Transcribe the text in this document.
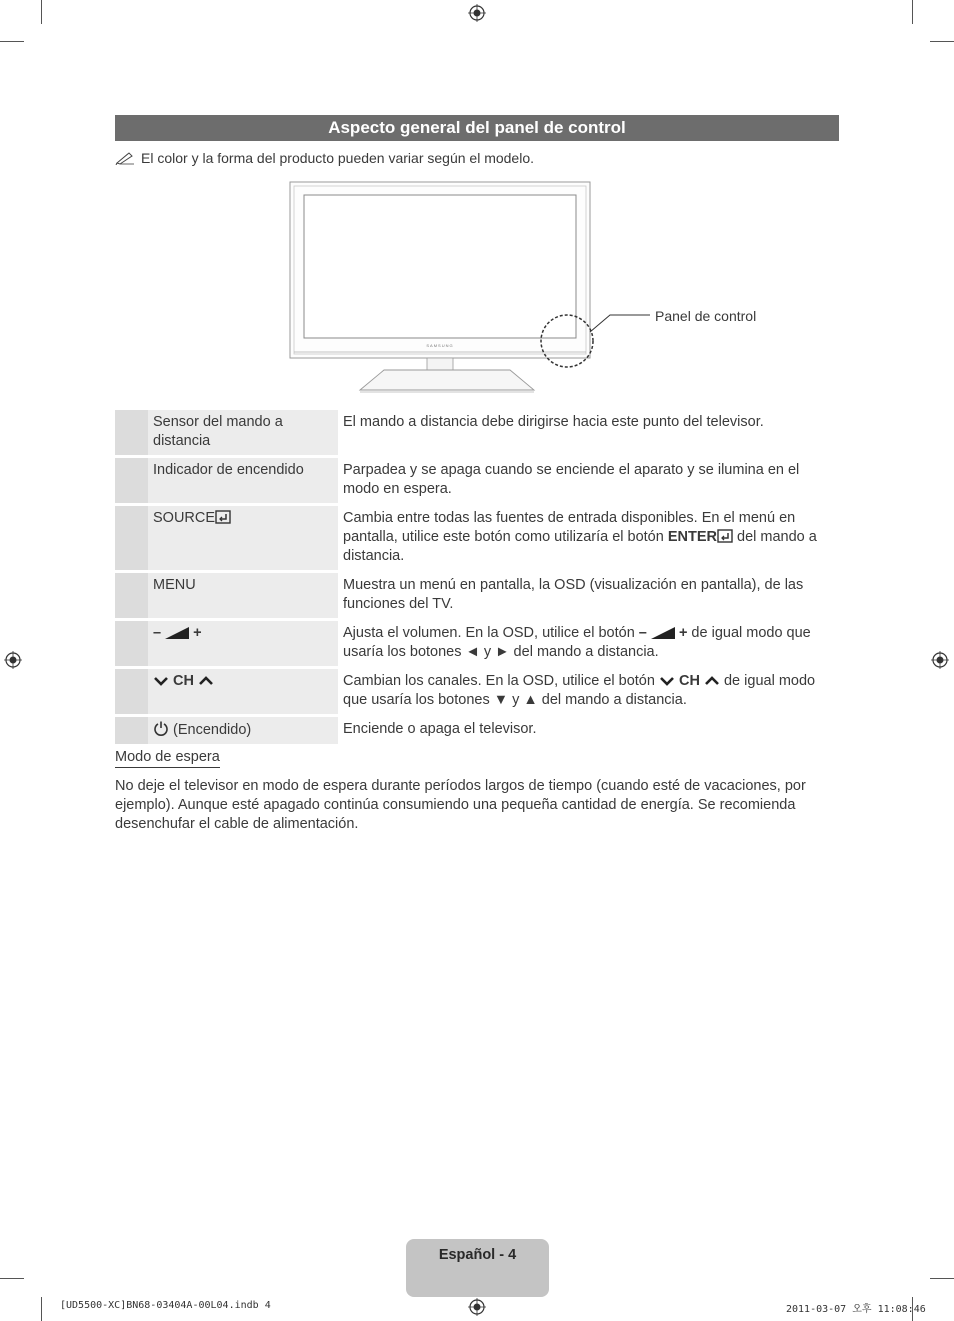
Aspecto general del panel de control
El color y la forma del producto pueden variar según el modelo.
SAMSUNG
Panel de control
	Sensor del mando a distancia	El mando a distancia debe dirigirse hacia este punto del televisor.
	Indicador de encendido	Parpadea y se apaga cuando se enciende el aparato y se ilumina en el modo en espera.
	SOURCE	Cambia entre todas las fuentes de entrada disponibles. En el menú en pantalla, utilice este botón como utilizaría el botón ENTER del mando a distancia.
	MENU	Muestra un menú en pantalla, la OSD (visualización en pantalla), de las funciones del TV.
	– +	Ajusta el volumen. En la OSD, utilice el botón – + de igual modo que usaría los botones ◄ y ► del mando a distancia.
	CH	Cambian los canales. En la OSD, utilice el botón  CH  de igual modo que usaría los botones ▼ y ▲ del mando a distancia.
	(Encendido)	Enciende o apaga el televisor.
Modo de espera
No deje el televisor en modo de espera durante períodos largos de tiempo (cuando esté de vacaciones, por ejemplo). Aunque esté apagado continúa consumiendo una pequeña cantidad de energía. Se recomienda desenchufar el cable de alimentación.
Español - 4
[UD5500-XC]BN68-03404A-00L04.indb 4	2011-03-07 오후 11:08:46
